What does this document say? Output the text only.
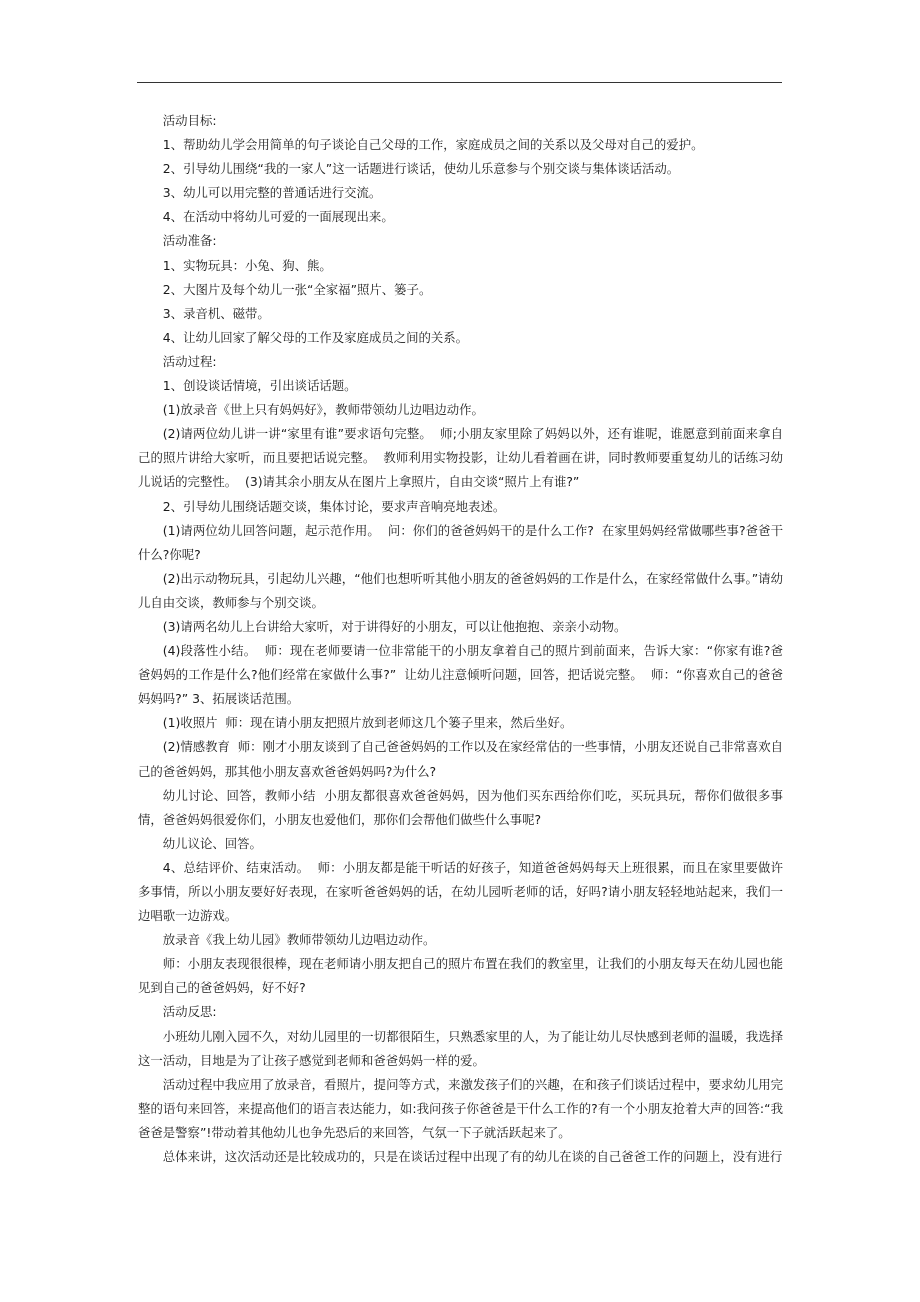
活动目标:

1、帮助幼儿学会用简单的句子谈论自己父母的工作，家庭成员之间的关系以及父母对自己的爱护。

2、引导幼儿围绕“我的一家人”这一话题进行谈话，使幼儿乐意参与个别交谈与集体谈话活动。

3、幼儿可以用完整的普通话进行交流。

4、在活动中将幼儿可爱的一面展现出来。

活动准备:

1、实物玩具：小兔、狗、熊。

2、大图片及每个幼儿一张“全家福”照片、篓子。

3、录音机、磁带。

4、让幼儿回家了解父母的工作及家庭成员之间的关系。

活动过程:

1、创设谈话情境，引出谈话话题。

(1)放录音《世上只有妈妈好》，教师带领幼儿边唱边动作。

(2)请两位幼儿讲一讲“家里有谁”要求语句完整。  师;小朋友家里除了妈妈以外，还有谁呢，谁愿意到前面来拿自己的照片讲给大家听，而且要把话说完整。  教师利用实物投影，让幼儿看着画在讲，同时教师要重复幼儿的话练习幼儿说话的完整性。  (3)请其余小朋友从在图片上拿照片，自由交谈“照片上有谁?”

2、引导幼儿围绕话题交谈，集体讨论，要求声音响亮地表述。

(1)请两位幼儿回答问题，起示范作用。  问：你们的爸爸妈妈干的是什么工作?  在家里妈妈经常做哪些事?爸爸干什么?你呢?

(2)出示动物玩具，引起幼儿兴趣，“他们也想听听其他小朋友的爸爸妈妈的工作是什么，在家经常做什么事。”请幼儿自由交谈，教师参与个别交谈。

(3)请两名幼儿上台讲给大家听，对于讲得好的小朋友，可以让他抱抱、亲亲小动物。

(4)段落性小结。  师：现在老师要请一位非常能干的小朋友拿着自己的照片到前面来，告诉大家：“你家有谁?爸爸妈妈的工作是什么?他们经常在家做什么事?”  让幼儿注意倾听问题，回答，把话说完整。  师：“你喜欢自己的爸爸妈妈吗?” 3、拓展谈话范围。

(1)收照片  师：现在请小朋友把照片放到老师这几个篓子里来，然后坐好。

(2)情感教育  师：刚才小朋友谈到了自己爸爸妈妈的工作以及在家经常估的一些事情，小朋友还说自己非常喜欢自己的爸爸妈妈，那其他小朋友喜欢爸爸妈妈吗?为什么?

幼儿讨论、回答，教师小结  小朋友都很喜欢爸爸妈妈，因为他们买东西给你们吃，买玩具玩，帮你们做很多事情，爸爸妈妈很爱你们，小朋友也爱他们，那你们会帮他们做些什么事呢?

幼儿议论、回答。

4、总结评价、结束活动。  师：小朋友都是能干听话的好孩子，知道爸爸妈妈每天上班很累，而且在家里要做许多事情，所以小朋友要好好表现，在家听爸爸妈妈的话，在幼儿园听老师的话，好吗?请小朋友轻轻地站起来，我们一边唱歌一边游戏。

放录音《我上幼儿园》教师带领幼儿边唱边动作。

师：小朋友表现很很棒，现在老师请小朋友把自己的照片布置在我们的教室里，让我们的小朋友每天在幼儿园也能见到自己的爸爸妈妈，好不好?

活动反思:

小班幼儿刚入园不久，对幼儿园里的一切都很陌生，只熟悉家里的人，为了能让幼儿尽快感到老师的温暖，我选择这一活动，目地是为了让孩子感觉到老师和爸爸妈妈一样的爱。

活动过程中我应用了放录音，看照片，提问等方式，来激发孩子们的兴趣，在和孩子们谈话过程中，要求幼儿用完整的语句来回答，来提高他们的语言表达能力，如:我问孩子你爸爸是干什么工作的?有一个小朋友抢着大声的回答:“我爸爸是警察”!带动着其他幼儿也争先恐后的来回答，气氛一下子就活跃起来了。

总体来讲，这次活动还是比较成功的，只是在谈话过程中出现了有的幼儿在谈的自己爸爸工作的问题上，没有进行
